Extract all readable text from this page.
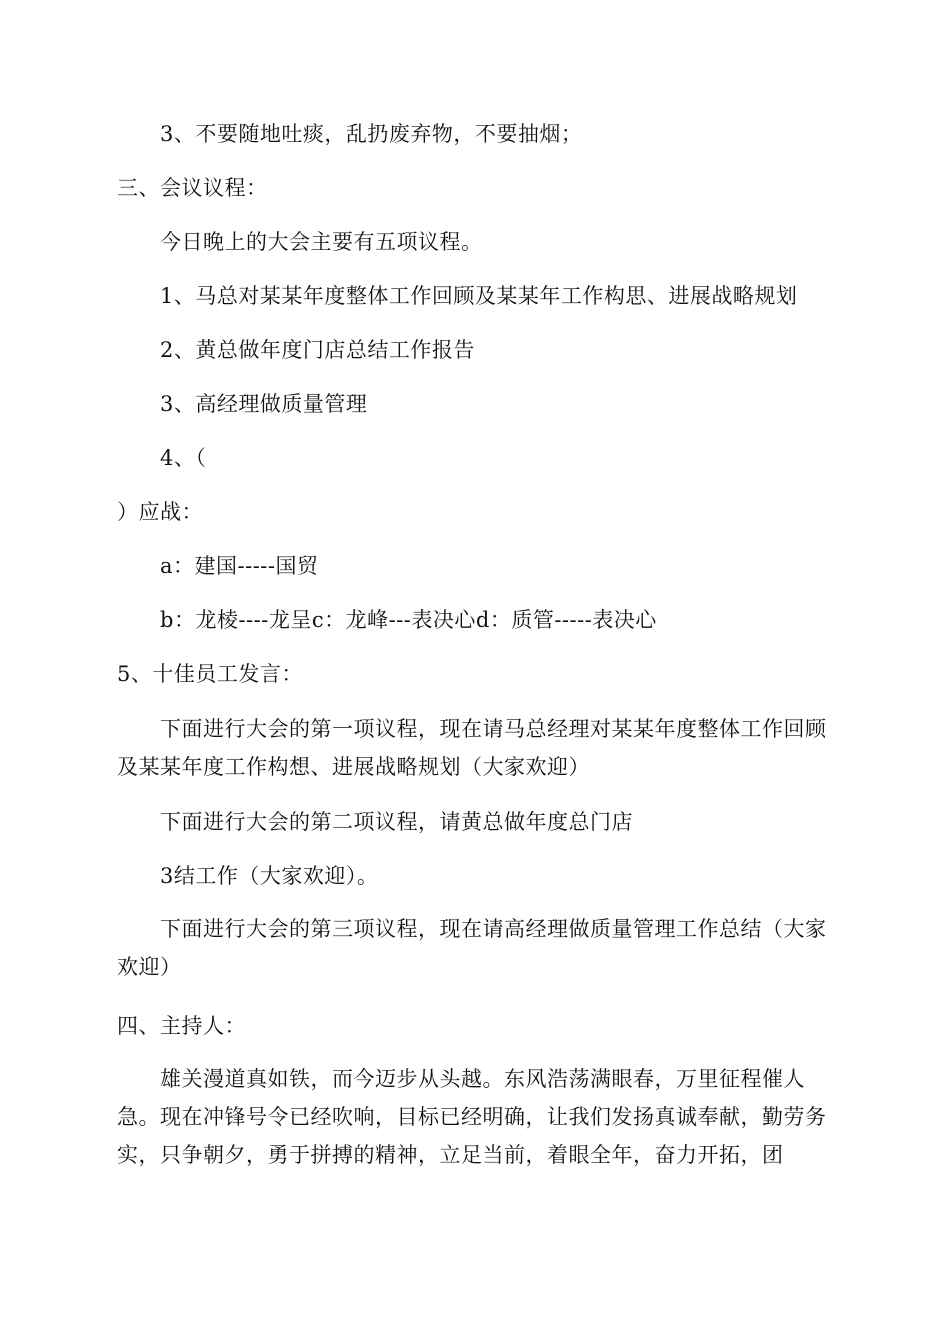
3、不要随地吐痰，乱扔废弃物，不要抽烟；
三、会议议程：
今日晚上的大会主要有五项议程。
1、马总对某某年度整体工作回顾及某某年工作构思、进展战略规划
2、黄总做年度门店总结工作报告
3、高经理做质量管理
4、（
）应战：
a：建国-----国贸
b：龙棱----龙呈c：龙峰---表决心d：质管-----表决心
5、十佳员工发言：
下面进行大会的第一项议程，现在请马总经理对某某年度整体工作回顾及某某年度工作构想、进展战略规划（大家欢迎）
下面进行大会的第二项议程，请黄总做年度总门店
3结工作（大家欢迎）。
下面进行大会的第三项议程，现在请高经理做质量管理工作总结（大家欢迎）
四、主持人：
雄关漫道真如铁，而今迈步从头越。东风浩荡满眼春，万里征程催人急。现在冲锋号令已经吹响，目标已经明确，让我们发扬真诚奉献，勤劳务实，只争朝夕，勇于拼搏的精神，立足当前，着眼全年，奋力开拓，团
